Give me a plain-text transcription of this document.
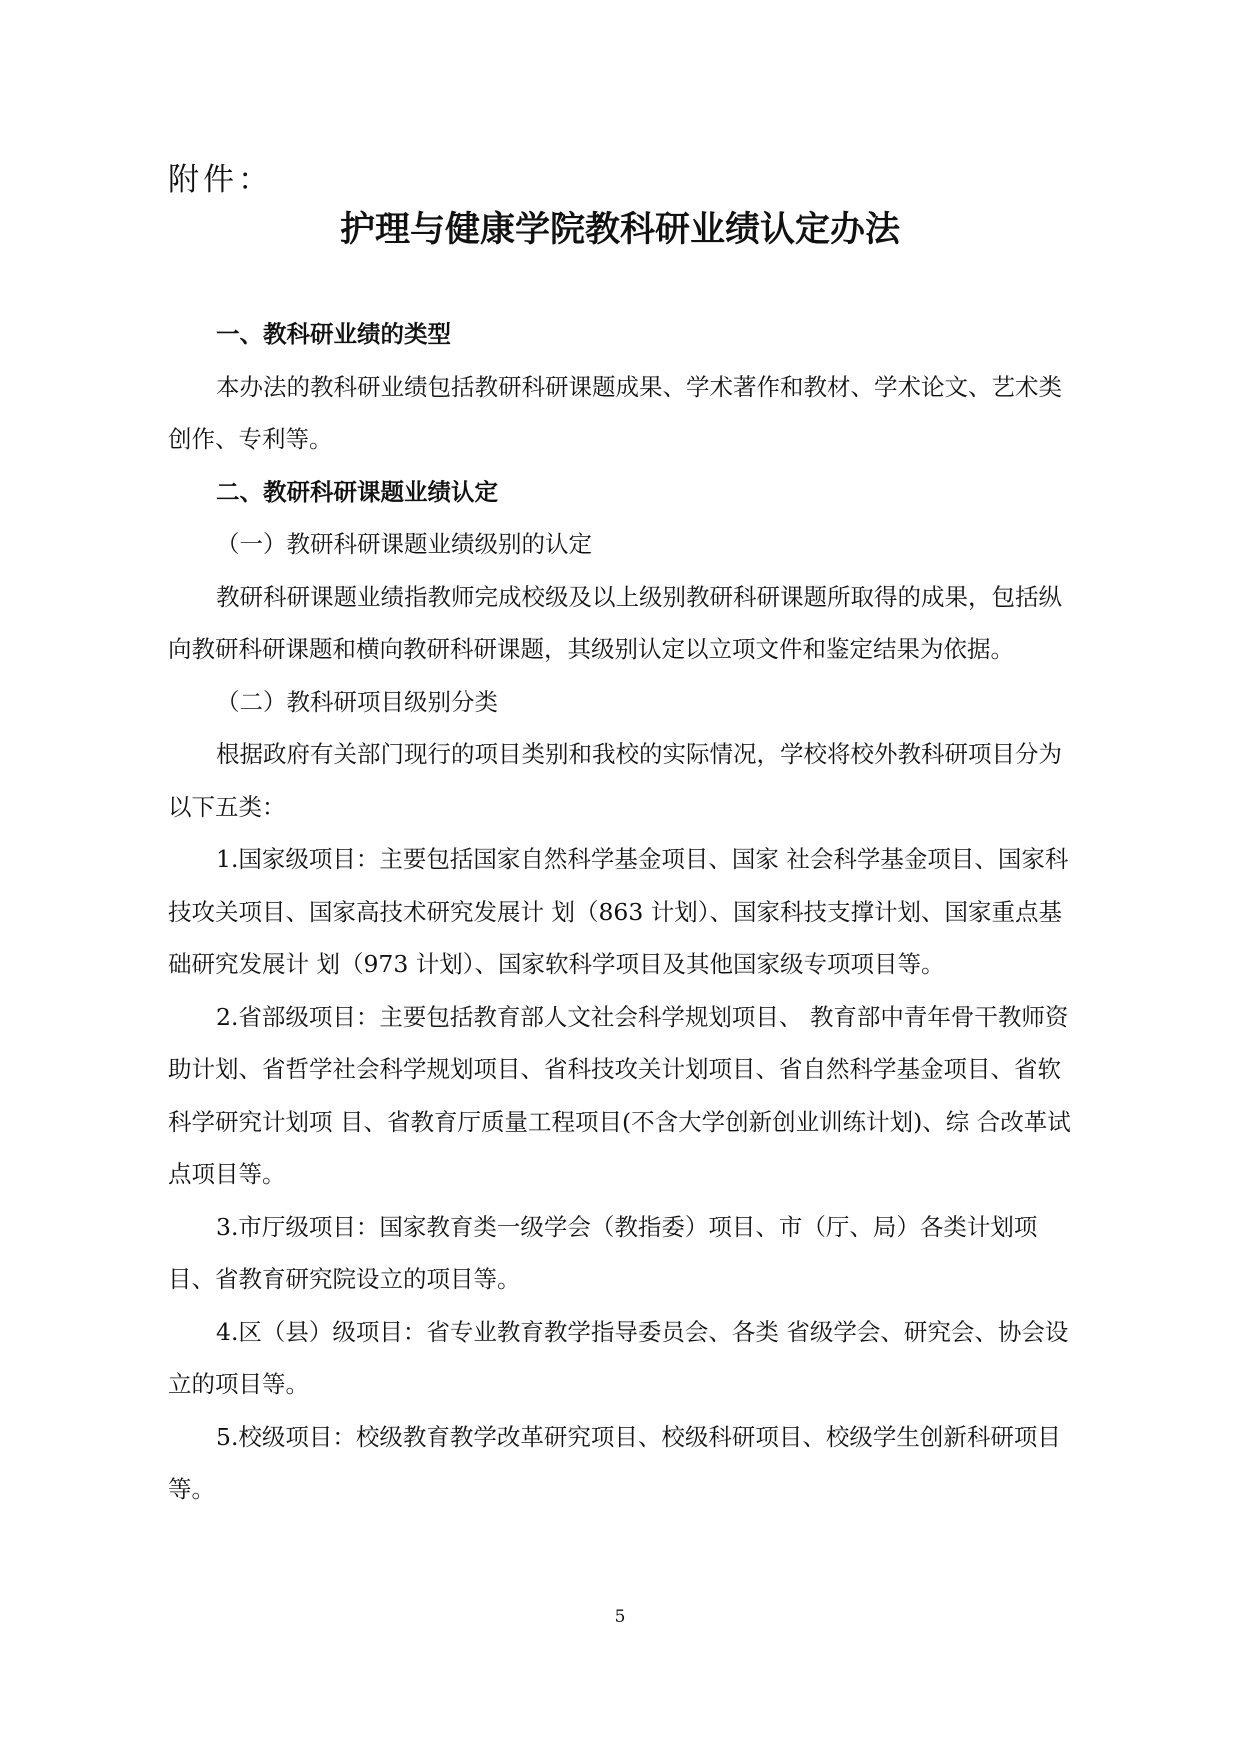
附件：
护理与健康学院教科研业绩认定办法

一、教科研业绩的类型

本办法的教科研业绩包括教研科研课题成果、学术著作和教材、学术论文、艺术类创作、专利等。

二、教研科研课题业绩认定

（一）教研科研课题业绩级别的认定

教研科研课题业绩指教师完成校级及以上级别教研科研课题所取得的成果，包括纵向教研科研课题和横向教研科研课题，其级别认定以立项文件和鉴定结果为依据。

（二）教科研项目级别分类

根据政府有关部门现行的项目类别和我校的实际情况，学校将校外教科研项目分为以下五类：

1.国家级项目：主要包括国家自然科学基金项目、国家 社会科学基金项目、国家科技攻关项目、国家高技术研究发展计 划（863 计划）、国家科技支撑计划、国家重点基础研究发展计 划（973 计划）、国家软科学项目及其他国家级专项项目等。

2.省部级项目：主要包括教育部人文社会科学规划项目、 教育部中青年骨干教师资助计划、省哲学社会科学规划项目、省科技攻关计划项目、省自然科学基金项目、省软科学研究计划项 目、省教育厅质量工程项目(不含大学创新创业训练计划)、综 合改革试点项目等。

3.市厅级项目：国家教育类一级学会（教指委）项目、市（厅、局）各类计划项目、省教育研究院设立的项目等。

4.区（县）级项目：省专业教育教学指导委员会、各类 省级学会、研究会、协会设立的项目等。

5.校级项目：校级教育教学改革研究项目、校级科研项目、校级学生创新科研项目等。

5
